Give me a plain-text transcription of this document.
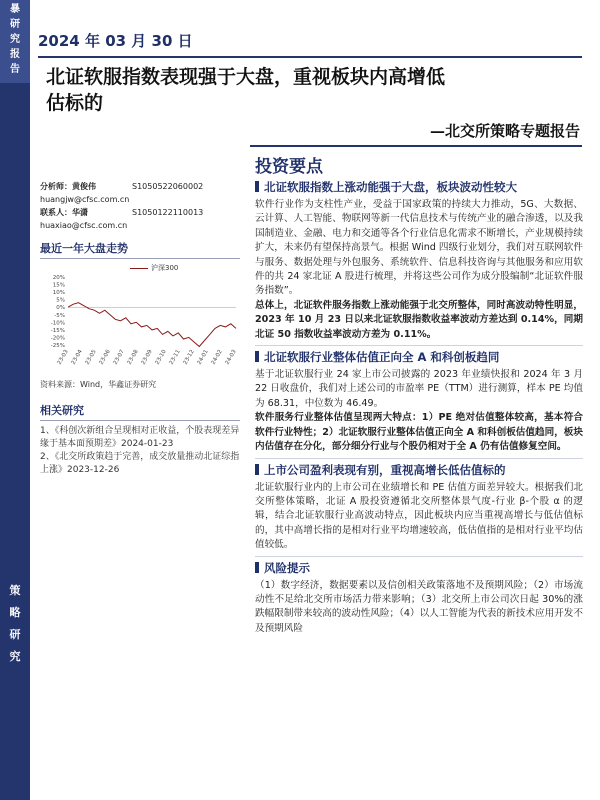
暴
研
究
报
告
策
略
研
究
2024 年 03 月 30 日
北证软服指数表现强于大盘，重视板块内高增低
估标的
—北交所策略专题报告
投资要点
分析师：黄俊伟	S1050522060002
huangjw@cfsc.com.cn
联系人：华潇	S1050122110013
huaxiao@cfsc.com.cn
最近一年大盘走势
沪深300
20%
15%
10%
5%
0%
-5%
-10%
-15%
-20%
-25%
23-03 23-04 23-05 23-06 23-07 23-08 23-09 23-10 23-11 23-12 24-01 24-02 24-03
资料来源：Wind，华鑫证券研究
相关研究
1、《科创次新组合呈现相对正收益，个股表现差异缘于基本面预期差》2024-01-23
2、《北交所政策趋于完善，成交放量推动北证综指上涨》2023-12-26
北证软服指数上涨动能强于大盘，板块波动性较大

软件行业作为支柱性产业，受益于国家政策的持续大力推动，5G、大数据、云计算、人工智能、物联网等新一代信息技术与传统产业的融合渗透，以及我国制造业、金融、电力和交通等各个行业信息化需求不断增长，产业规模持续扩大，未来仍有望保持高景气。根据 Wind 四级行业划分，我们对互联网软件与服务、数据处理与外包服务、系统软件、信息科技咨询与其他服务和应用软件的共 24 家北证 A 股进行梳理，并将这些公司作为成分股编制“北证软件服务指数”。

总体上，北证软件服务指数上涨动能强于北交所整体，同时高波动特性明显，2023 年 10 月 23 日以来北证软服指数收益率波动方差达到 0.14%，同期北证 50 指数收益率波动方差为 0.11%。

北证软服行业整体估值正向全 A 和科创板趋同

基于北证软服行业 24 家上市公司披露的 2023 年业绩快报和 2024 年 3 月 22 日收盘价，我们对上述公司的市盈率 PE（TTM）进行测算，样本 PE 均值为 68.31，中位数为 46.49。

软件服务行业整体估值呈现两大特点：1）PE 绝对估值整体较高，基本符合软件行业特性；2）北证软服行业整体估值正向全 A 和科创板估值趋同，板块内估值存在分化，部分细分行业与个股仍相对于全 A 仍有估值修复空间。

上市公司盈利表现有别，重视高增长低估值标的

北证软服行业内的上市公司在业绩增长和 PE 估值方面差异较大。根据我们北交所整体策略，北证 A 股投资遵循北交所整体景气度-行业 β-个股 α 的逻辑，结合北证软服行业高波动特点，因此板块内应当重视高增长与低估值标的，其中高增长指的是相对行业平均增速较高，低估值指的是相对行业平均估值较低。

风险提示

（1）数字经济，数据要素以及信创相关政策落地不及预期风险；（2）市场流动性不足给北交所市场活力带来影响；（3）北交所上市公司次日起 30%的涨跌幅限制带来较高的波动性风险；（4）以人工智能为代表的新技术应用开发不及预期风险
